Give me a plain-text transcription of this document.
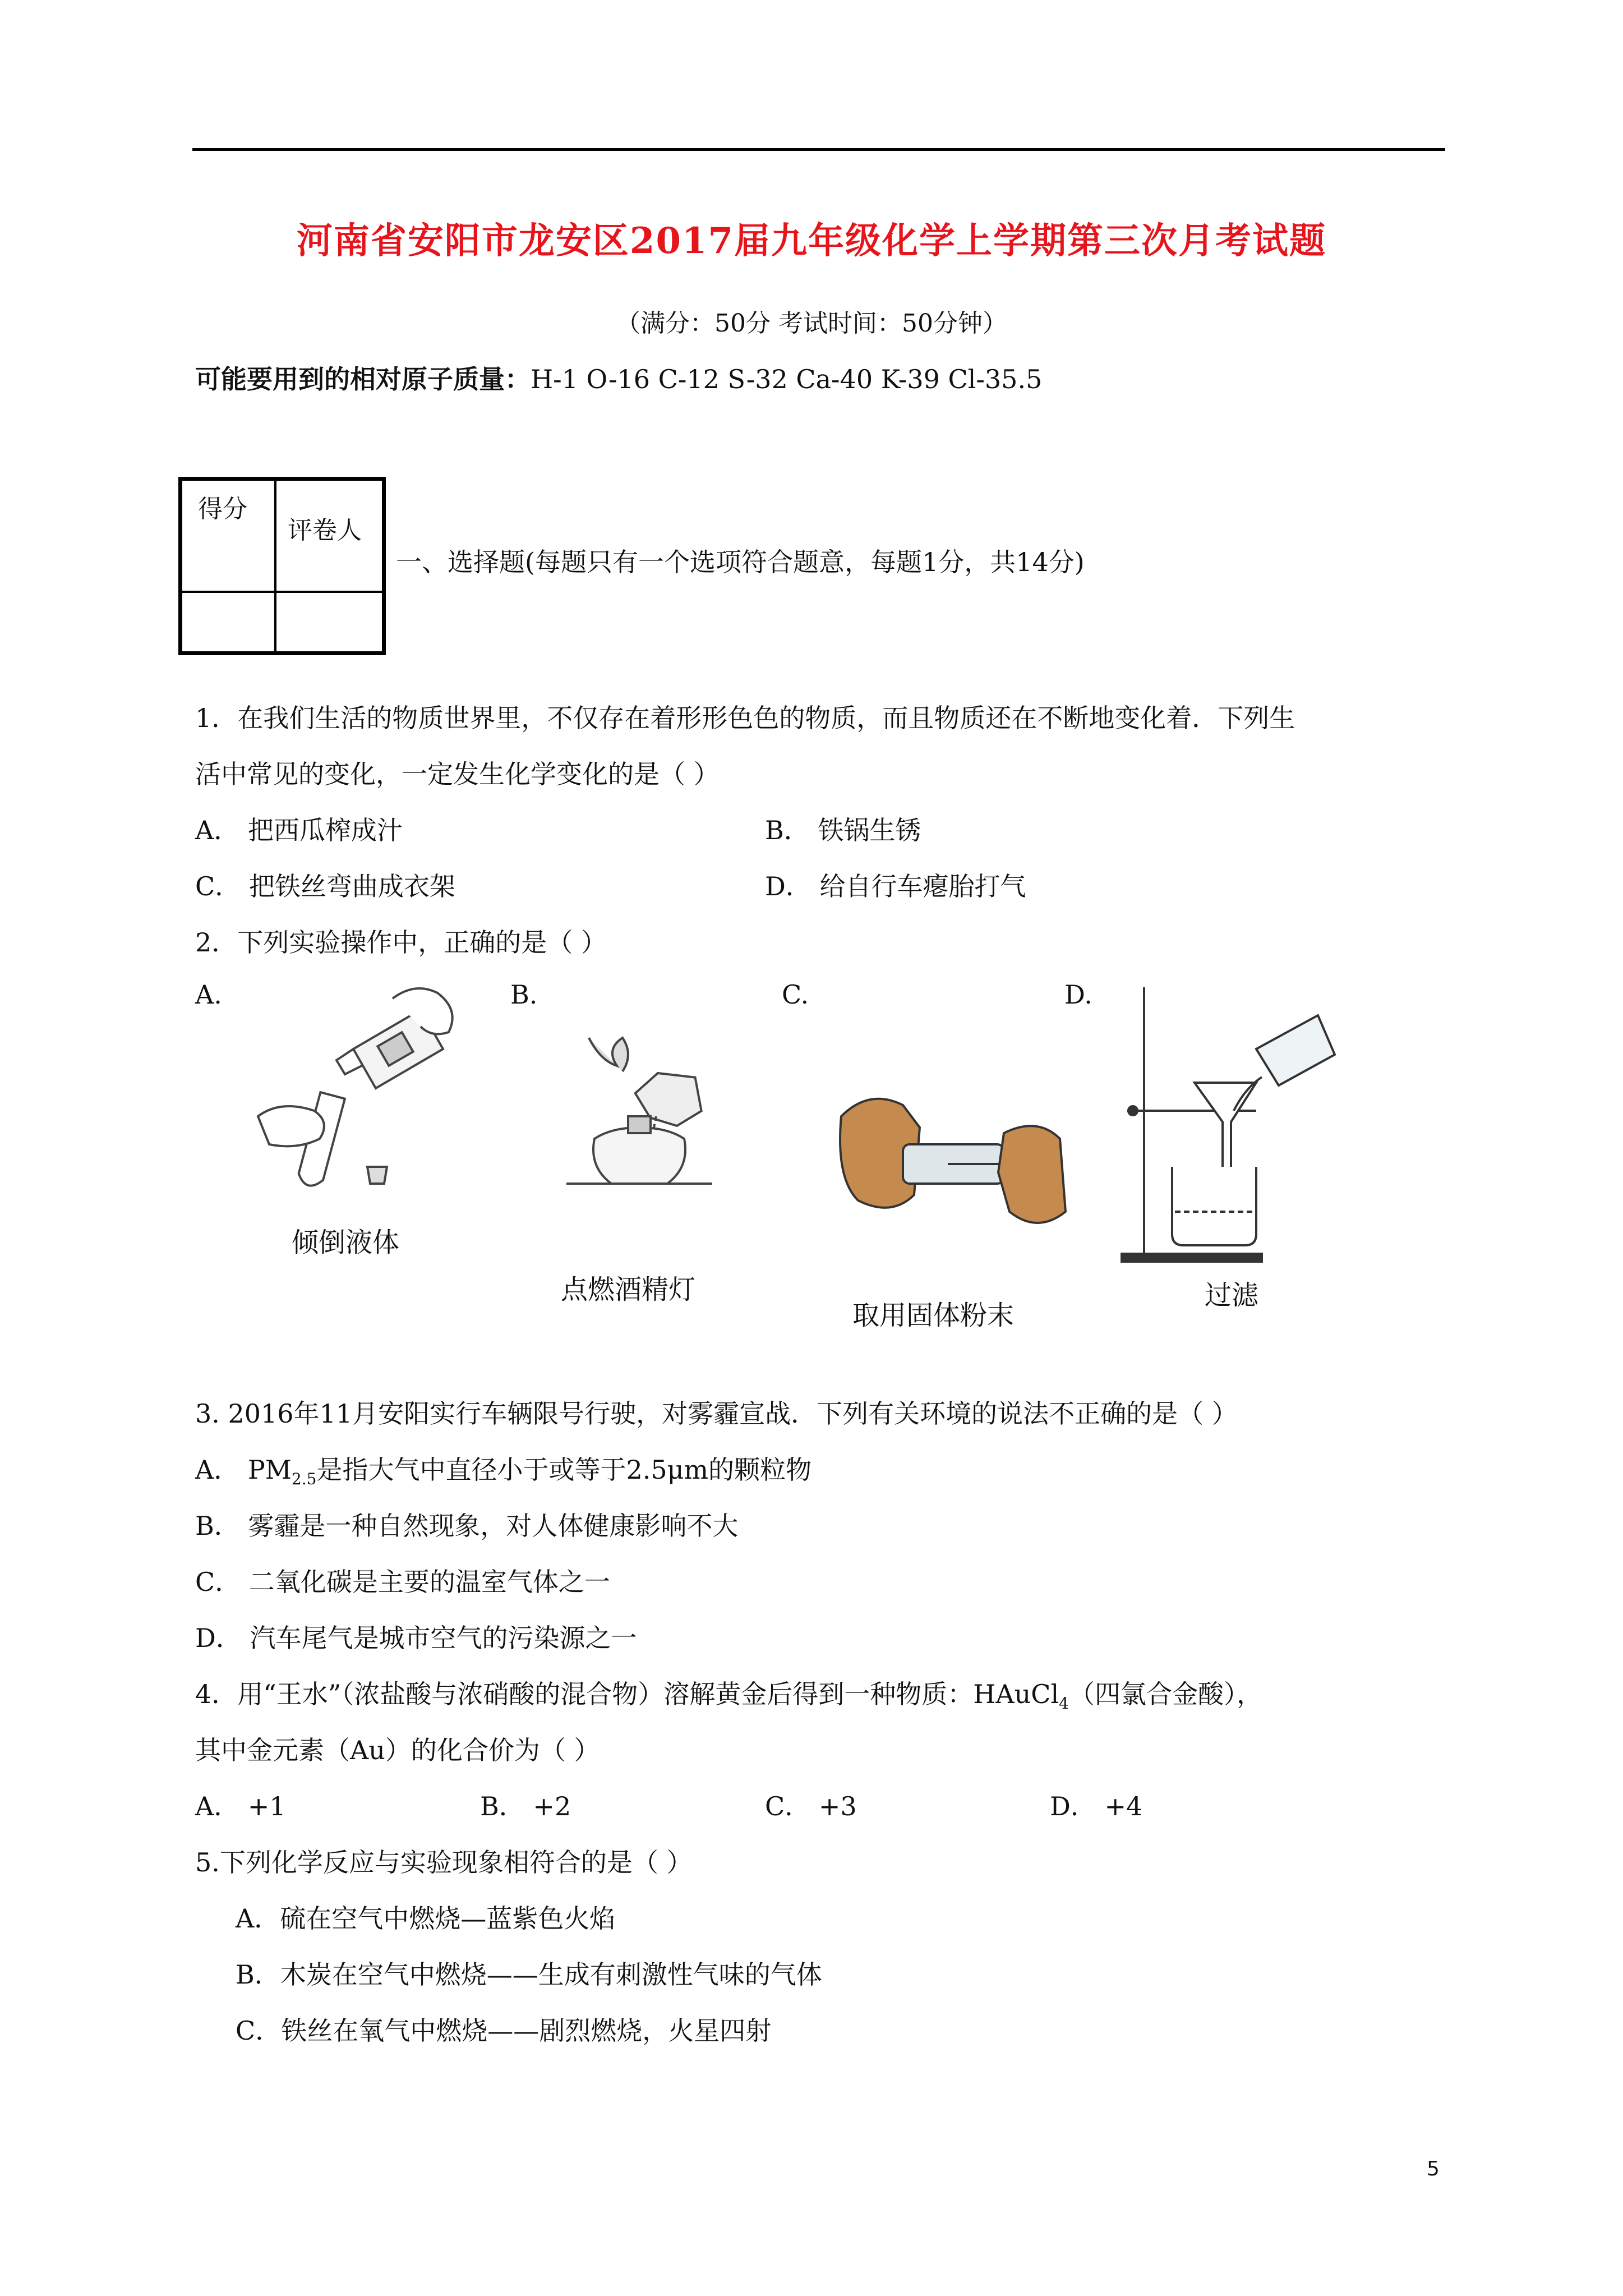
河南省安阳市龙安区2017届九年级化学上学期第三次月考试题
（满分：50分 考试时间：50分钟）
可能要用到的相对原子质量：H-1 O-16 C-12 S-32 Ca-40 K-39 Cl-35.5
得分
评卷人
一、选择题(每题只有一个选项符合题意，每题1分，共14分)
1．在我们生活的物质世界里，不仅存在着形形色色的物质，而且物质还在不断地变化着．下列生
活中常见的变化，一定发生化学变化的是（ ）
A． 把西瓜榨成汁	B． 铁锅生锈
C． 把铁丝弯曲成衣架	D． 给自行车瘪胎打气
2．下列实验操作中，正确的是（ ）
A.	B.	C.	D.
倾倒液体
点燃酒精灯
取用固体粉末
过滤
3. 2016年11月安阳实行车辆限号行驶，对雾霾宣战．下列有关环境的说法不正确的是（ ）
A． $PM_{2.5}$是指大气中直径小于或等于2.5μm的颗粒物
B． 雾霾是一种自然现象，对人体健康影响不大
C． 二氧化碳是主要的温室气体之一
D． 汽车尾气是城市空气的污染源之一
4．用“王水”（浓盐酸与浓硝酸的混合物）溶解黄金后得到一种物质：HAuCl$_4$（四氯合金酸），
其中金元素（Au）的化合价为（ ）
A． +1	B． +2	C． +3	D． +4
5.下列化学反应与实验现象相符合的是（ ）
A．硫在空气中燃烧—蓝紫色火焰
B．木炭在空气中燃烧——生成有刺激性气味的气体
C．铁丝在氧气中燃烧——剧烈燃烧，火星四射
5
